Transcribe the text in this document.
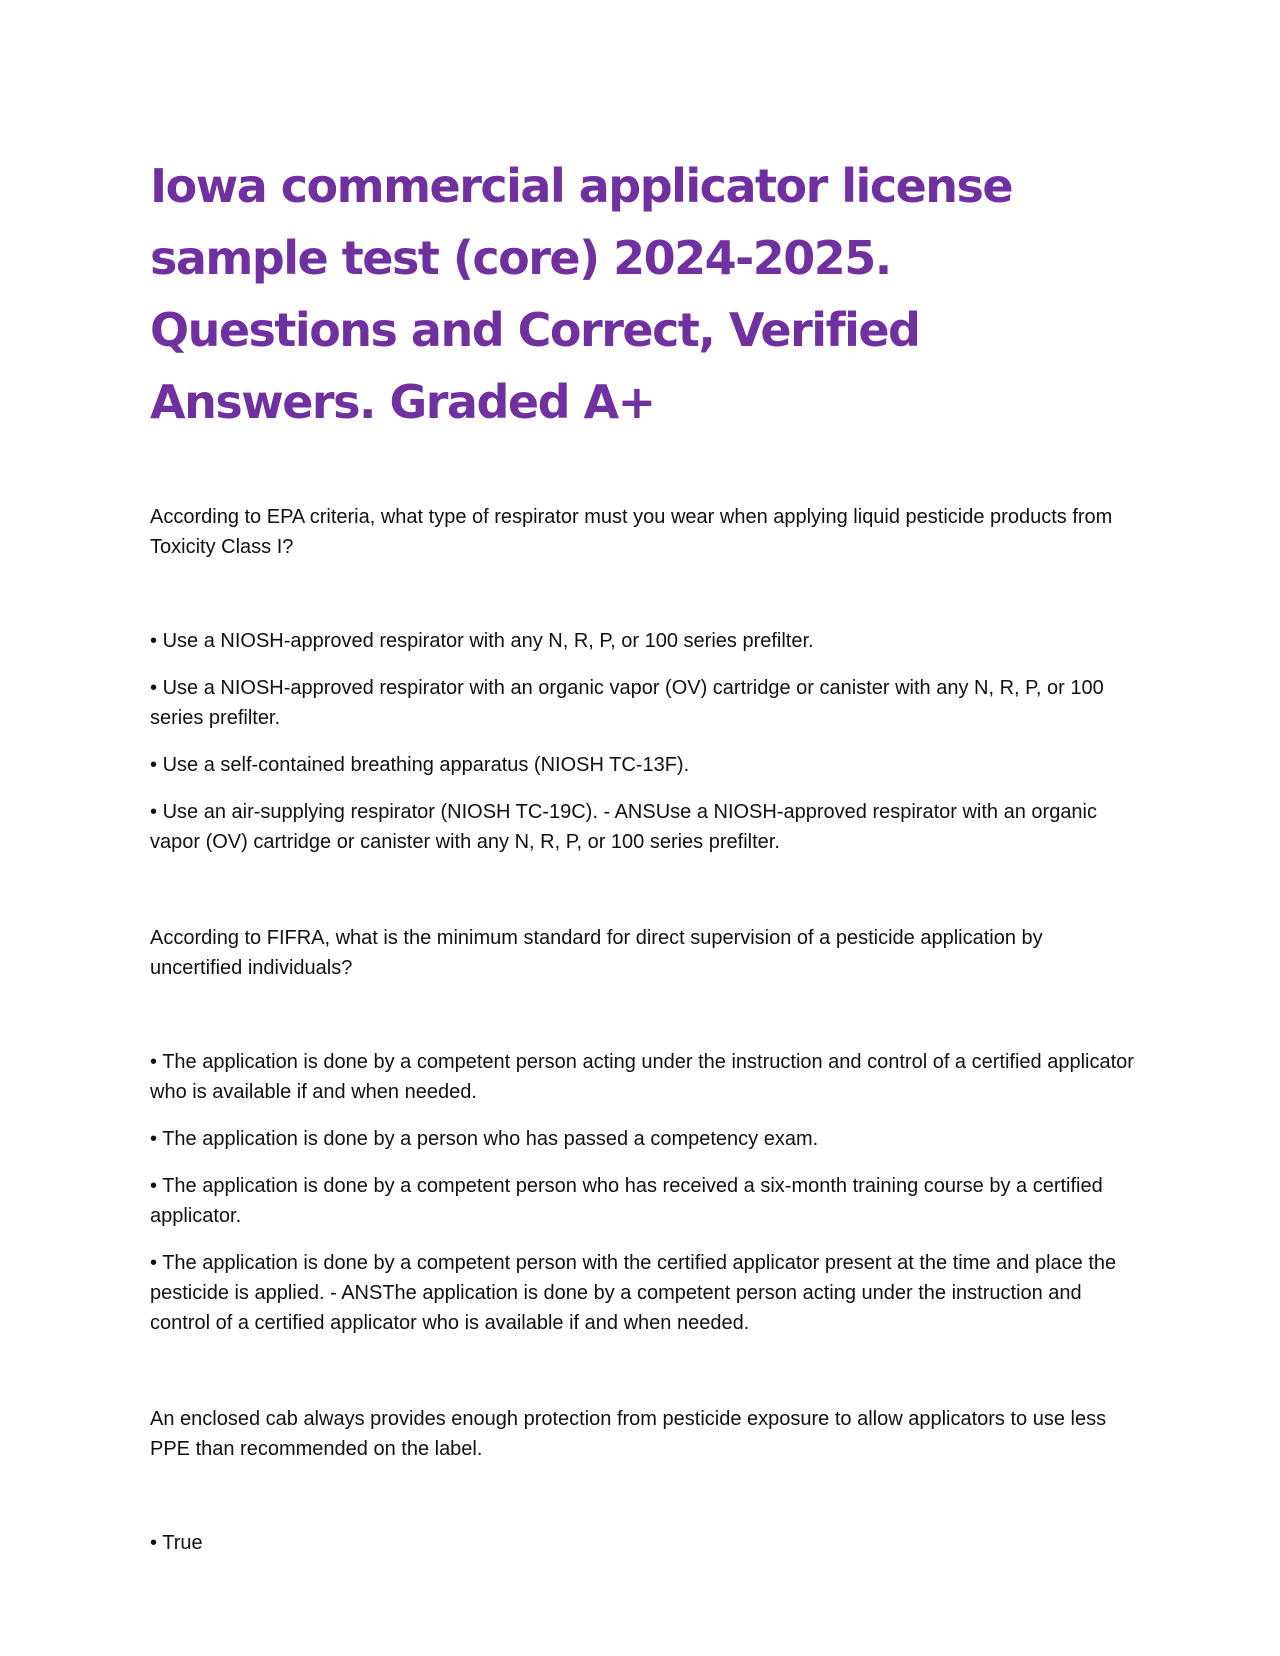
Iowa commercial applicator license sample test (core) 2024-2025. Questions and Correct, Verified Answers. Graded A+

According to EPA criteria, what type of respirator must you wear when applying liquid pesticide products from Toxicity Class I?

• Use a NIOSH-approved respirator with any N, R, P, or 100 series prefilter.
• Use a NIOSH-approved respirator with an organic vapor (OV) cartridge or canister with any N, R, P, or 100 series prefilter.
• Use a self-contained breathing apparatus (NIOSH TC-13F).
• Use an air-supplying respirator (NIOSH TC-19C). - ANSUse a NIOSH-approved respirator with an organic vapor (OV) cartridge or canister with any N, R, P, or 100 series prefilter.

According to FIFRA, what is the minimum standard for direct supervision of a pesticide application by uncertified individuals?

• The application is done by a competent person acting under the instruction and control of a certified applicator who is available if and when needed.
• The application is done by a person who has passed a competency exam.
• The application is done by a competent person who has received a six-month training course by a certified applicator.
• The application is done by a competent person with the certified applicator present at the time and place the pesticide is applied. - ANSThe application is done by a competent person acting under the instruction and control of a certified applicator who is available if and when needed.

An enclosed cab always provides enough protection from pesticide exposure to allow applicators to use less PPE than recommended on the label.

• True
